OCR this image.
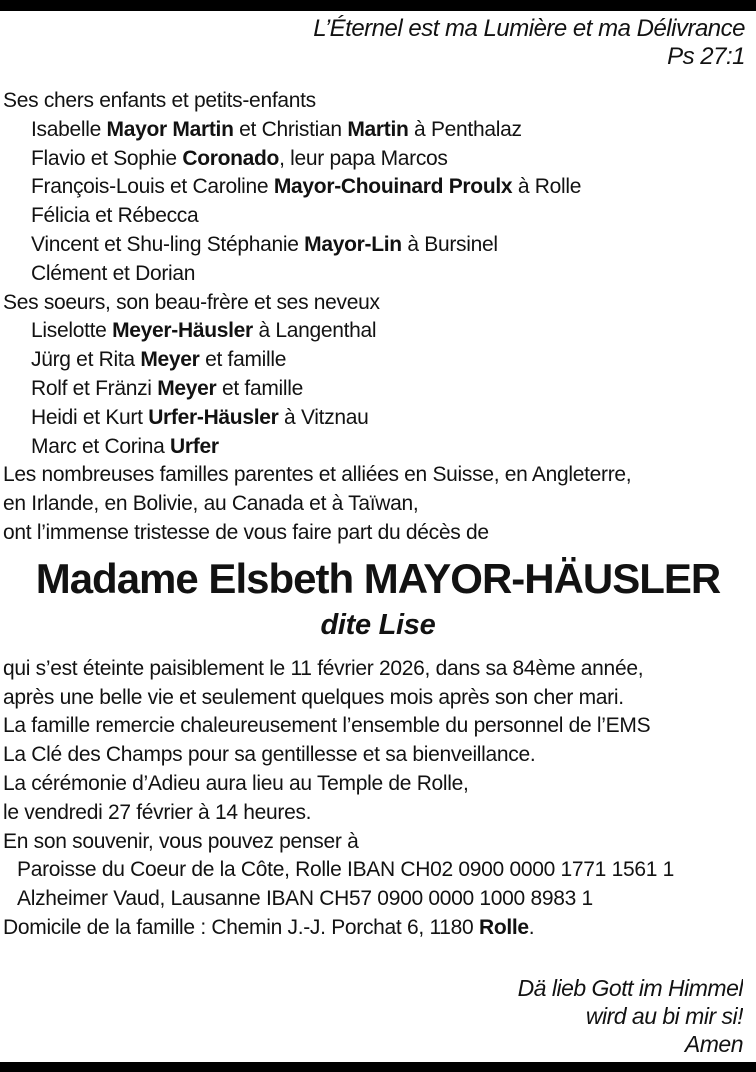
L’Éternel est ma Lumière et ma Délivrance
Ps 27:1
Ses chers enfants et petits-enfants
Isabelle Mayor Martin et Christian Martin à Penthalaz
Flavio et Sophie Coronado, leur papa Marcos
François-Louis et Caroline Mayor-Chouinard Proulx à Rolle
Félicia et Rébecca
Vincent et Shu-ling Stéphanie Mayor-Lin à Bursinel
Clément et Dorian
Ses soeurs, son beau-frère et ses neveux
Liselotte Meyer-Häusler à Langenthal
Jürg et Rita Meyer et famille
Rolf et Fränzi Meyer et famille
Heidi et Kurt Urfer-Häusler à Vitznau
Marc et Corina Urfer
Les nombreuses familles parentes et alliées en Suisse, en Angleterre,
en Irlande, en Bolivie, au Canada et à Taïwan,
ont l’immense tristesse de vous faire part du décès de
Madame Elsbeth MAYOR-HÄUSLER
dite Lise
qui s’est éteinte paisiblement le 11 février 2026, dans sa 84ème année,
après une belle vie et seulement quelques mois après son cher mari.
La famille remercie chaleureusement l’ensemble du personnel de l’EMS
La Clé des Champs pour sa gentillesse et sa bienveillance.
La cérémonie d’Adieu aura lieu au Temple de Rolle,
le vendredi 27 février à 14 heures.
En son souvenir, vous pouvez penser à
Paroisse du Coeur de la Côte, Rolle IBAN CH02 0900 0000 1771 1561 1
Alzheimer Vaud, Lausanne IBAN CH57 0900 0000 1000 8983 1
Domicile de la famille : Chemin J.-J. Porchat 6, 1180 Rolle.
Dä lieb Gott im Himmel
wird au bi mir si!
Amen
